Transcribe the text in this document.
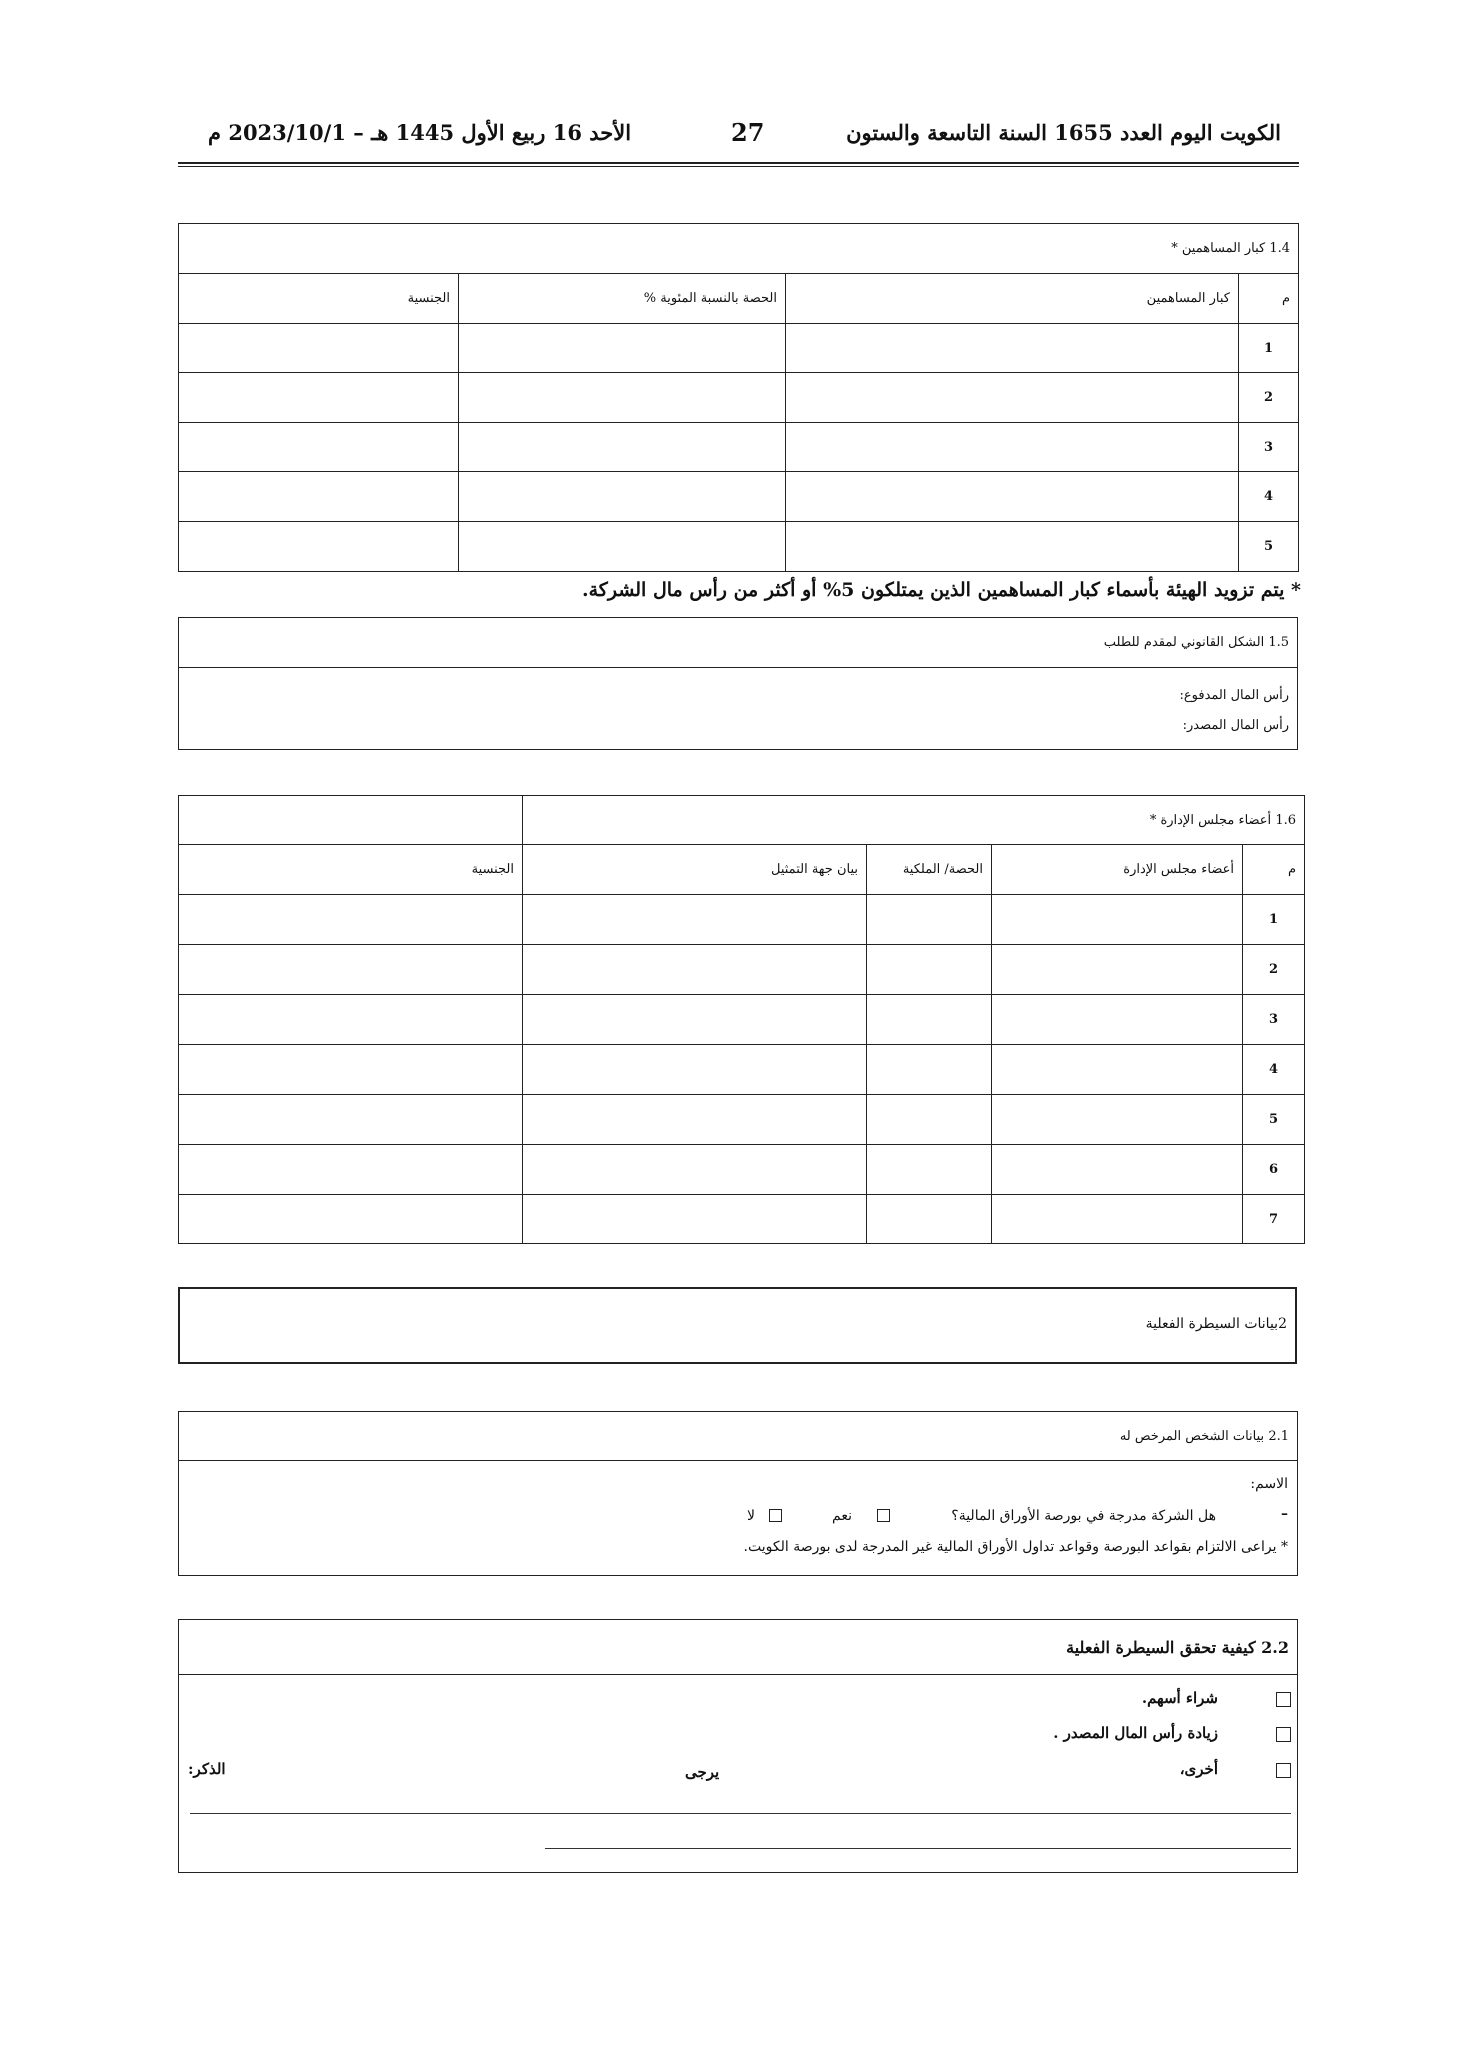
الكويت اليوم العدد 1655 السنة التاسعة والستون
27
الأحد 16 ربيع الأول 1445 هـ – 2023/10/1 م
1.4 كبار المساهمين *			
الجنسية	الحصة بالنسبة المئوية %	كبار المساهمين	م
			1
			2
			3
			4
			5
* يتم تزويد الهيئة بأسماء كبار المساهمين الذين يمتلكون 5% أو أكثر من رأس مال الشركة.
1.5 الشكل القانوني لمقدم للطلب

رأس المال المدفوع:
رأس المال المصدر:
	1.6 أعضاء مجلس الإدارة *			
الجنسية	بيان جهة التمثيل	الحصة/ الملكية	أعضاء مجلس الإدارة	م
				1
				2
				3
				4
				5
				6
				7
2بيانات السيطرة الفعلية
2.1 بيانات الشخص المرخص له

الاسم:
–
هل الشركة مدرجة في بورصة الأوراق المالية؟
نعم
لا
* يراعى الالتزام بقواعد البورصة وقواعد تداول الأوراق المالية غير المدرجة لدى بورصة الكويت.
2.2 كيفية تحقق السيطرة الفعلية

شراء أسهم.
زيادة رأس المال المصدر .
أخرى،
يرجى
الذكر:
